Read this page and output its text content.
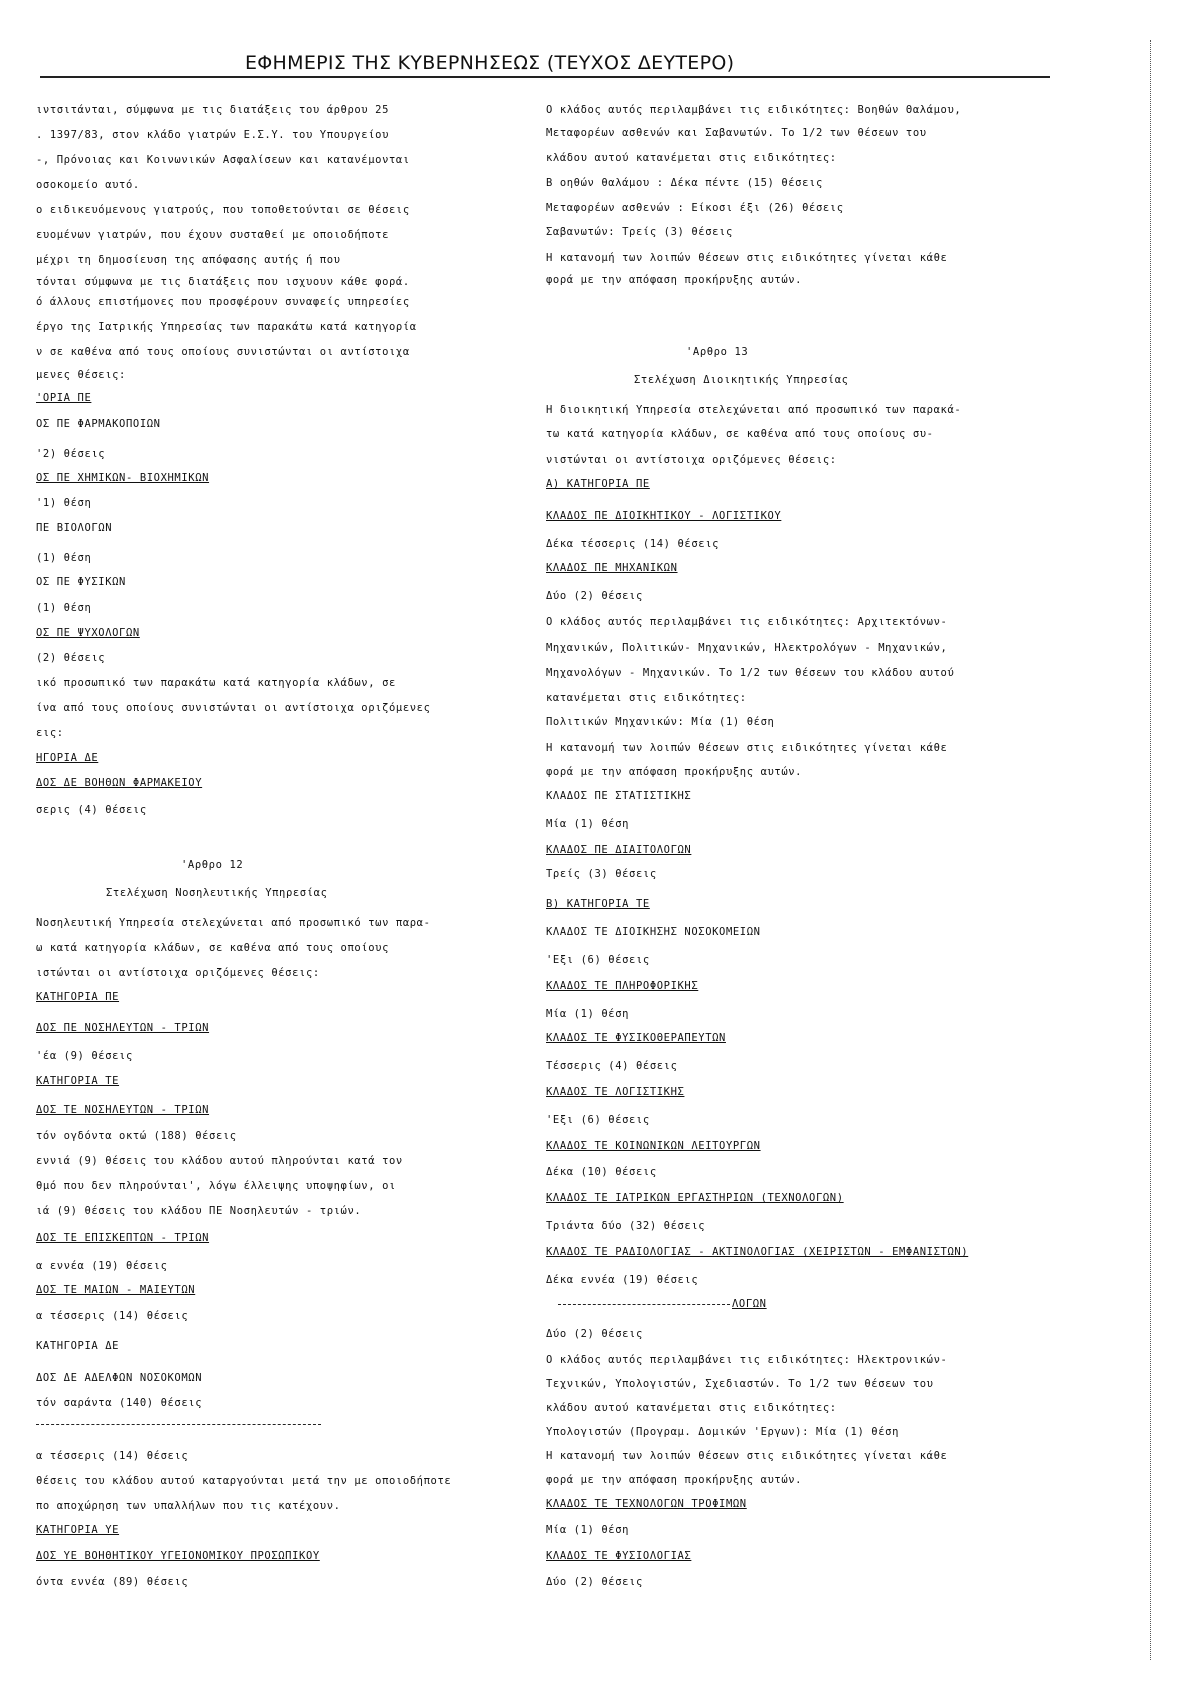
ΕΦΗΜΕΡΙΣ ΤΗΣ ΚΥΒΕΡΝΗΣΕΩΣ (ΤΕΥΧΟΣ ΔΕΥΤΕΡΟ)
ιντσιτάνται, σύμφωνα με τις διατάξεις του άρθρου 25
. 1397/83, στον κλάδο γιατρών Ε.Σ.Υ. του Υπουργείου
-, Πρόνοιας και Κοινωνικών Ασφαλίσεων και κατανέμονται
οσοκομείο αυτό.
ο ειδικευόμενους γιατρούς, που τοποθετούνται σε θέσεις
ευομένων γιατρών, που έχουν συσταθεί με οποιοδήποτε
μέχρι τη δημοσίευση της απόφασης αυτής ή που
τόνται σύμφωνα με τις διατάξεις που ισχυουν κάθε φορά.
ό άλλους επιστήμονες που προσφέρουν συναφείς υπηρεσίες
έργο της Ιατρικής Υπηρεσίας των παρακάτω κατά κατηγορία
ν σε καθένα από τους οποίους συνιστώνται οι αντίστοιχα
μενες θέσεις:
'ΟΡΙΑ ΠΕ
ΟΣ ΠΕ ΦΑΡΜΑΚΟΠΟΙΩΝ
'2) θέσεις
ΟΣ ΠΕ ΧΗΜΙΚΩΝ- ΒΙΟΧΗΜΙΚΩΝ
'1) θέση
ΠΕ ΒΙΟΛΟΓΩΝ
(1) θέση
ΟΣ ΠΕ ΦΥΣΙΚΩΝ
(1) θέση
ΟΣ ΠΕ ΨΥΧΟΛΟΓΩΝ
(2) θέσεις
ικό προσωπικό των παρακάτω κατά κατηγορία κλάδων, σε
ίνα από τους οποίους συνιστώνται οι αντίστοιχα οριζόμενες
εις:
ΗΓΟΡΙΑ ΔΕ
ΔΟΣ ΔΕ ΒΟΗΘΩΝ ΦΑΡΜΑΚΕΙΟΥ
σερις (4) θέσεις
'Αρθρο 12
Στελέχωση Νοσηλευτικής Υπηρεσίας
Νοσηλευτική Υπηρεσία στελεχώνεται από προσωπικό των παρα-
ω κατά κατηγορία κλάδων, σε καθένα από τους οποίους
ιστώνται οι αντίστοιχα οριζόμενες θέσεις:
ΚΑΤΗΓΟΡΙΑ ΠΕ
ΔΟΣ ΠΕ ΝΟΣΗΛΕΥΤΩΝ - ΤΡΙΩΝ
'έα (9) θέσεις
ΚΑΤΗΓΟΡΙΑ ΤΕ
ΔΟΣ ΤΕ ΝΟΣΗΛΕΥΤΩΝ - ΤΡΙΩΝ
τόν ογδόντα οκτώ (188) θέσεις
εννιά (9) θέσεις του κλάδου αυτού πληρούνται κατά τον
θμό που δεν πληρούνται', λόγω έλλειψης υποψηφίων, οι
ιά (9) θέσεις του κλάδου ΠΕ Νοσηλευτών - τριών.
ΔΟΣ ΤΕ ΕΠΙΣΚΕΠΤΩΝ - ΤΡΙΩΝ
α εννέα (19) θέσεις
ΔΟΣ ΤΕ ΜΑΙΩΝ - ΜΑΙΕΥΤΩΝ
α τέσσερις (14) θέσεις
ΚΑΤΗΓΟΡΙΑ ΔΕ
ΔΟΣ ΔΕ ΑΔΕΛΦΩΝ ΝΟΣΟΚΟΜΩΝ
τόν σαράντα (140) θέσεις
α τέσσερις (14) θέσεις
θέσεις του κλάδου αυτού καταργούνται μετά την με οποιοδήποτε
πο αποχώρηση των υπαλλήλων που τις κατέχουν.
ΚΑΤΗΓΟΡΙΑ ΥΕ
ΔΟΣ ΥΕ ΒΟΗΘΗΤΙΚΟΥ ΥΓΕΙΟΝΟΜΙΚΟΥ ΠΡΟΣΩΠΙΚΟΥ
όντα εννέα (89) θέσεις
Ο κλάδος αυτός περιλαμβάνει τις ειδικότητες: Βοηθών Θαλάμου,
Μεταφορέων ασθενών και Σαβανωτών. Το 1/2 των θέσεων του
κλάδου αυτού κατανέμεται στις ειδικότητες:
Β οηθών θαλάμου : Δέκα πέντε (15) θέσεις
Μεταφορέων ασθενών : Είκοσι έξι (26) θέσεις
Σαβανωτών: Τρείς (3) θέσεις
Η κατανομή των λοιπών θέσεων στις ειδικότητες γίνεται κάθε
φορά με την απόφαση προκήρυξης αυτών.
'Αρθρο 13
Στελέχωση Διοικητικής Υπηρεσίας
Η διοικητική Υπηρεσία στελεχώνεται από προσωπικό των παρακά-
τω κατά κατηγορία κλάδων, σε καθένα από τους οποίους συ-
νιστώνται οι αντίστοιχα οριζόμενες θέσεις:
Α) ΚΑΤΗΓΟΡΙΑ ΠΕ
ΚΛΑΔΟΣ ΠΕ ΔΙΟΙΚΗΤΙΚΟΥ - ΛΟΓΙΣΤΙΚΟΥ
Δέκα τέσσερις (14) θέσεις
ΚΛΑΔΟΣ ΠΕ ΜΗΧΑΝΙΚΩΝ
Δύο (2) θέσεις
Ο κλάδος αυτός περιλαμβάνει τις ειδικότητες: Αρχιτεκτόνων-
Μηχανικών, Πολιτικών- Μηχανικών, Ηλεκτρολόγων - Μηχανικών,
Μηχανολόγων - Μηχανικών. Το 1/2 των θέσεων του κλάδου αυτού
κατανέμεται στις ειδικότητες:
Πολιτικών Μηχανικών: Μία (1) θέση
Η κατανομή των λοιπών θέσεων στις ειδικότητες γίνεται κάθε
φορά με την απόφαση προκήρυξης αυτών.
ΚΛΑΔΟΣ ΠΕ ΣΤΑΤΙΣΤΙΚΗΣ
Μία (1) θέση
ΚΛΑΔΟΣ ΠΕ ΔΙΑΙΤΟΛΟΓΩΝ
Τρείς (3) θέσεις
Β) ΚΑΤΗΓΟΡΙΑ ΤΕ
ΚΛΑΔΟΣ ΤΕ ΔΙΟΙΚΗΣΗΣ ΝΟΣΟΚΟΜΕΙΩΝ
'Εξι (6) θέσεις
ΚΛΑΔΟΣ ΤΕ ΠΛΗΡΟΦΟΡΙΚΗΣ
Μία (1) θέση
ΚΛΑΔΟΣ ΤΕ ΦΥΣΙΚΟΘΕΡΑΠΕΥΤΩΝ
Τέσσερις (4) θέσεις
ΚΛΑΔΟΣ ΤΕ ΛΟΓΙΣΤΙΚΗΣ
'Εξι (6) θέσεις
ΚΛΑΔΟΣ ΤΕ ΚΟΙΝΩΝΙΚΩΝ ΛΕΙΤΟΥΡΓΩΝ
Δέκα (10) θέσεις
ΚΛΑΔΟΣ ΤΕ ΙΑΤΡΙΚΩΝ ΕΡΓΑΣΤΗΡΙΩΝ (ΤΕΧΝΟΛΟΓΩΝ)
Τριάντα δύο (32) θέσεις
ΚΛΑΔΟΣ ΤΕ ΡΑΔΙΟΛΟΓΙΑΣ - ΑΚΤΙΝΟΛΟΓΙΑΣ (ΧΕΙΡΙΣΤΩΝ - ΕΜΦΑΝΙΣΤΩΝ)
Δέκα εννέα (19) θέσεις
ΛΟΓΩΝ
Δύο (2) θέσεις
Ο κλάδος αυτός περιλαμβάνει τις ειδικότητες: Ηλεκτρονικών-
Τεχνικών, Υπολογιστών, Σχεδιαστών. Το 1/2 των θέσεων του
κλάδου αυτού κατανέμεται στις ειδικότητες:
Υπολογιστών (Προγραμ. Δομικών 'Εργων): Μία (1) θέση
Η κατανομή των λοιπών θέσεων στις ειδικότητες γίνεται κάθε
φορά με την απόφαση προκήρυξης αυτών.
ΚΛΑΔΟΣ ΤΕ ΤΕΧΝΟΛΟΓΩΝ ΤΡΟΦΙΜΩΝ
Μία (1) θέση
ΚΛΑΔΟΣ ΤΕ ΦΥΣΙΟΛΟΓΙΑΣ
Δύο (2) θέσεις
